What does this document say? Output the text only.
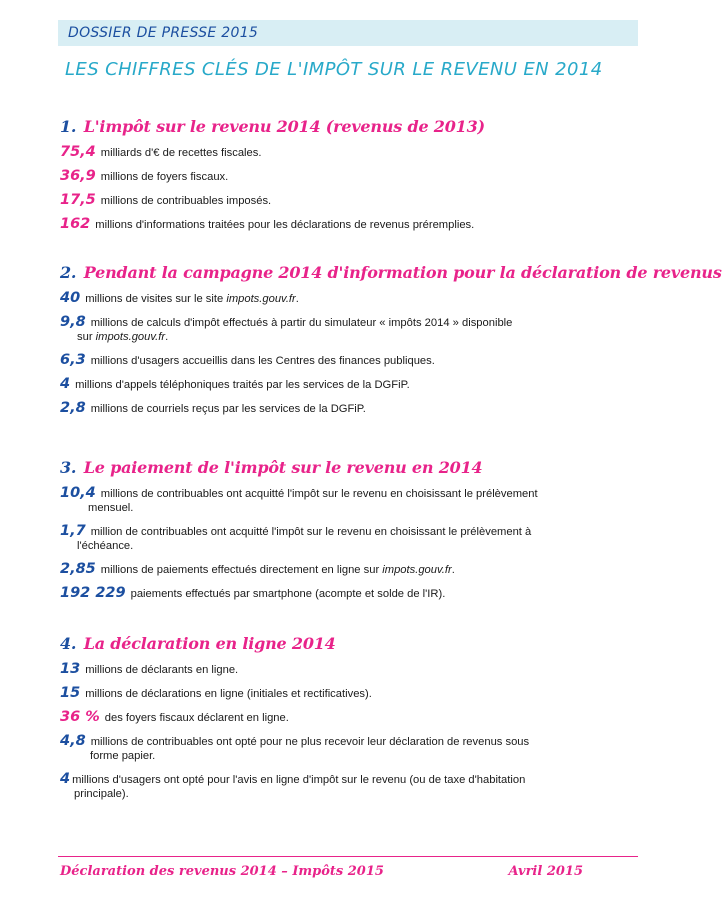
DOSSIER DE PRESSE 2015
LES CHIFFRES CLÉS DE L'IMPÔT SUR LE REVENU EN 2014
1. L'impôt sur le revenu 2014 (revenus de 2013)
75,4 milliards d'€ de recettes fiscales.
36,9 millions de foyers fiscaux.
17,5 millions de contribuables imposés.
162 millions d'informations traitées pour les déclarations de revenus préremplies.
2. Pendant la campagne 2014 d'information pour la déclaration de revenus
40 millions de visites sur le site impots.gouv.fr.
9,8 millions de calculs d'impôt effectués à partir du simulateur « impôts 2014 » disponible
sur impots.gouv.fr.
6,3 millions d'usagers accueillis dans les Centres des finances publiques.
4 millions d'appels téléphoniques traités par les services de la DGFiP.
2,8 millions de courriels reçus par les services de la DGFiP.
3. Le paiement de l'impôt sur le revenu en 2014
10,4 millions de contribuables ont acquitté l'impôt sur le revenu en choisissant le prélèvement
mensuel.
1,7 million de contribuables ont acquitté l'impôt sur le revenu en choisissant le prélèvement à
l'échéance.
2,85 millions de paiements effectués directement en ligne sur impots.gouv.fr.
192 229 paiements effectués par smartphone (acompte et solde de l'IR).
4. La déclaration en ligne 2014
13 millions de déclarants en ligne.
15 millions de déclarations en ligne (initiales et rectificatives).
36 % des foyers fiscaux déclarent en ligne.
4,8 millions de contribuables ont opté pour ne plus recevoir leur déclaration de revenus sous
forme papier.
4 millions d'usagers ont opté pour l'avis en ligne d'impôt sur le revenu (ou de taxe d'habitation
principale).
Déclaration des revenus 2014 – Impôts 2015	Avril 2015
